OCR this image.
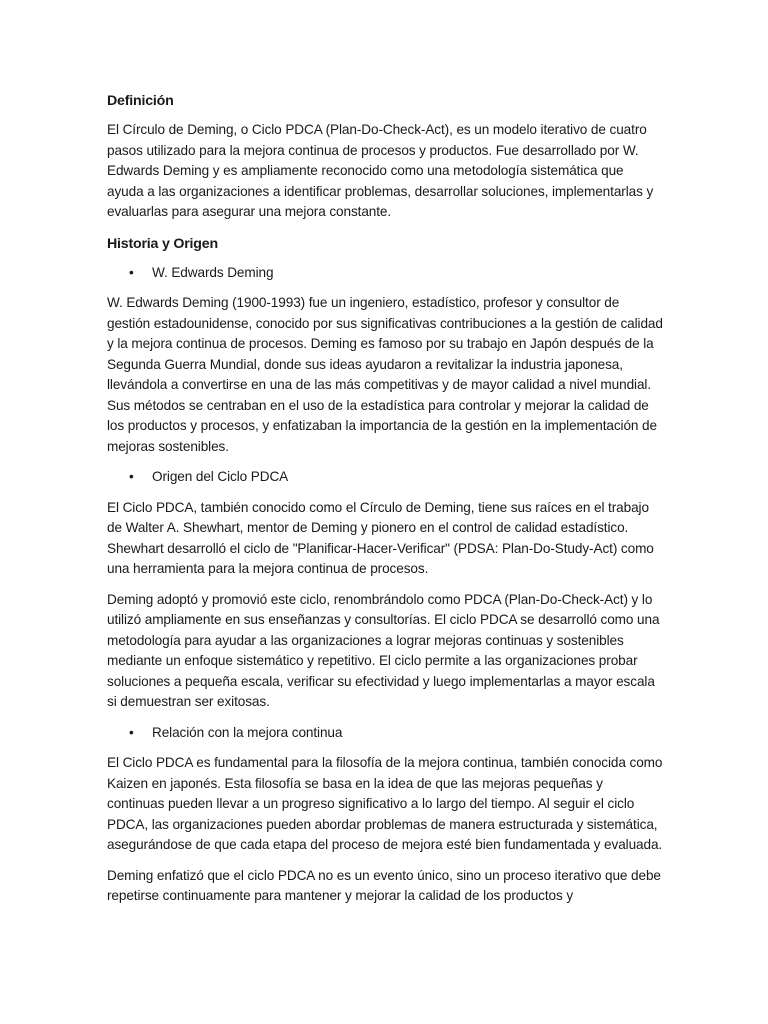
Definición

El Círculo de Deming, o Ciclo PDCA (Plan-Do-Check-Act), es un modelo iterativo de cuatro pasos utilizado para la mejora continua de procesos y productos. Fue desarrollado por W. Edwards Deming y es ampliamente reconocido como una metodología sistemática que ayuda a las organizaciones a identificar problemas, desarrollar soluciones, implementarlas y evaluarlas para asegurar una mejora constante.

Historia y Origen
• W. Edwards Deming

W. Edwards Deming (1900-1993) fue un ingeniero, estadístico, profesor y consultor de gestión estadounidense, conocido por sus significativas contribuciones a la gestión de calidad y la mejora continua de procesos. Deming es famoso por su trabajo en Japón después de la Segunda Guerra Mundial, donde sus ideas ayudaron a revitalizar la industria japonesa, llevándola a convertirse en una de las más competitivas y de mayor calidad a nivel mundial. Sus métodos se centraban en el uso de la estadística para controlar y mejorar la calidad de los productos y procesos, y enfatizaban la importancia de la gestión en la implementación de mejoras sostenibles.

• Origen del Ciclo PDCA

El Ciclo PDCA, también conocido como el Círculo de Deming, tiene sus raíces en el trabajo de Walter A. Shewhart, mentor de Deming y pionero en el control de calidad estadístico. Shewhart desarrolló el ciclo de "Planificar-Hacer-Verificar" (PDSA: Plan-Do-Study-Act) como una herramienta para la mejora continua de procesos.

Deming adoptó y promovió este ciclo, renombrándolo como PDCA (Plan-Do-Check-Act) y lo utilizó ampliamente en sus enseñanzas y consultorías. El ciclo PDCA se desarrolló como una metodología para ayudar a las organizaciones a lograr mejoras continuas y sostenibles mediante un enfoque sistemático y repetitivo. El ciclo permite a las organizaciones probar soluciones a pequeña escala, verificar su efectividad y luego implementarlas a mayor escala si demuestran ser exitosas.

• Relación con la mejora continua

El Ciclo PDCA es fundamental para la filosofía de la mejora continua, también conocida como Kaizen en japonés. Esta filosofía se basa en la idea de que las mejoras pequeñas y continuas pueden llevar a un progreso significativo a lo largo del tiempo. Al seguir el ciclo PDCA, las organizaciones pueden abordar problemas de manera estructurada y sistemática, asegurándose de que cada etapa del proceso de mejora esté bien fundamentada y evaluada.

Deming enfatizó que el ciclo PDCA no es un evento único, sino un proceso iterativo que debe repetirse continuamente para mantener y mejorar la calidad de los productos y
